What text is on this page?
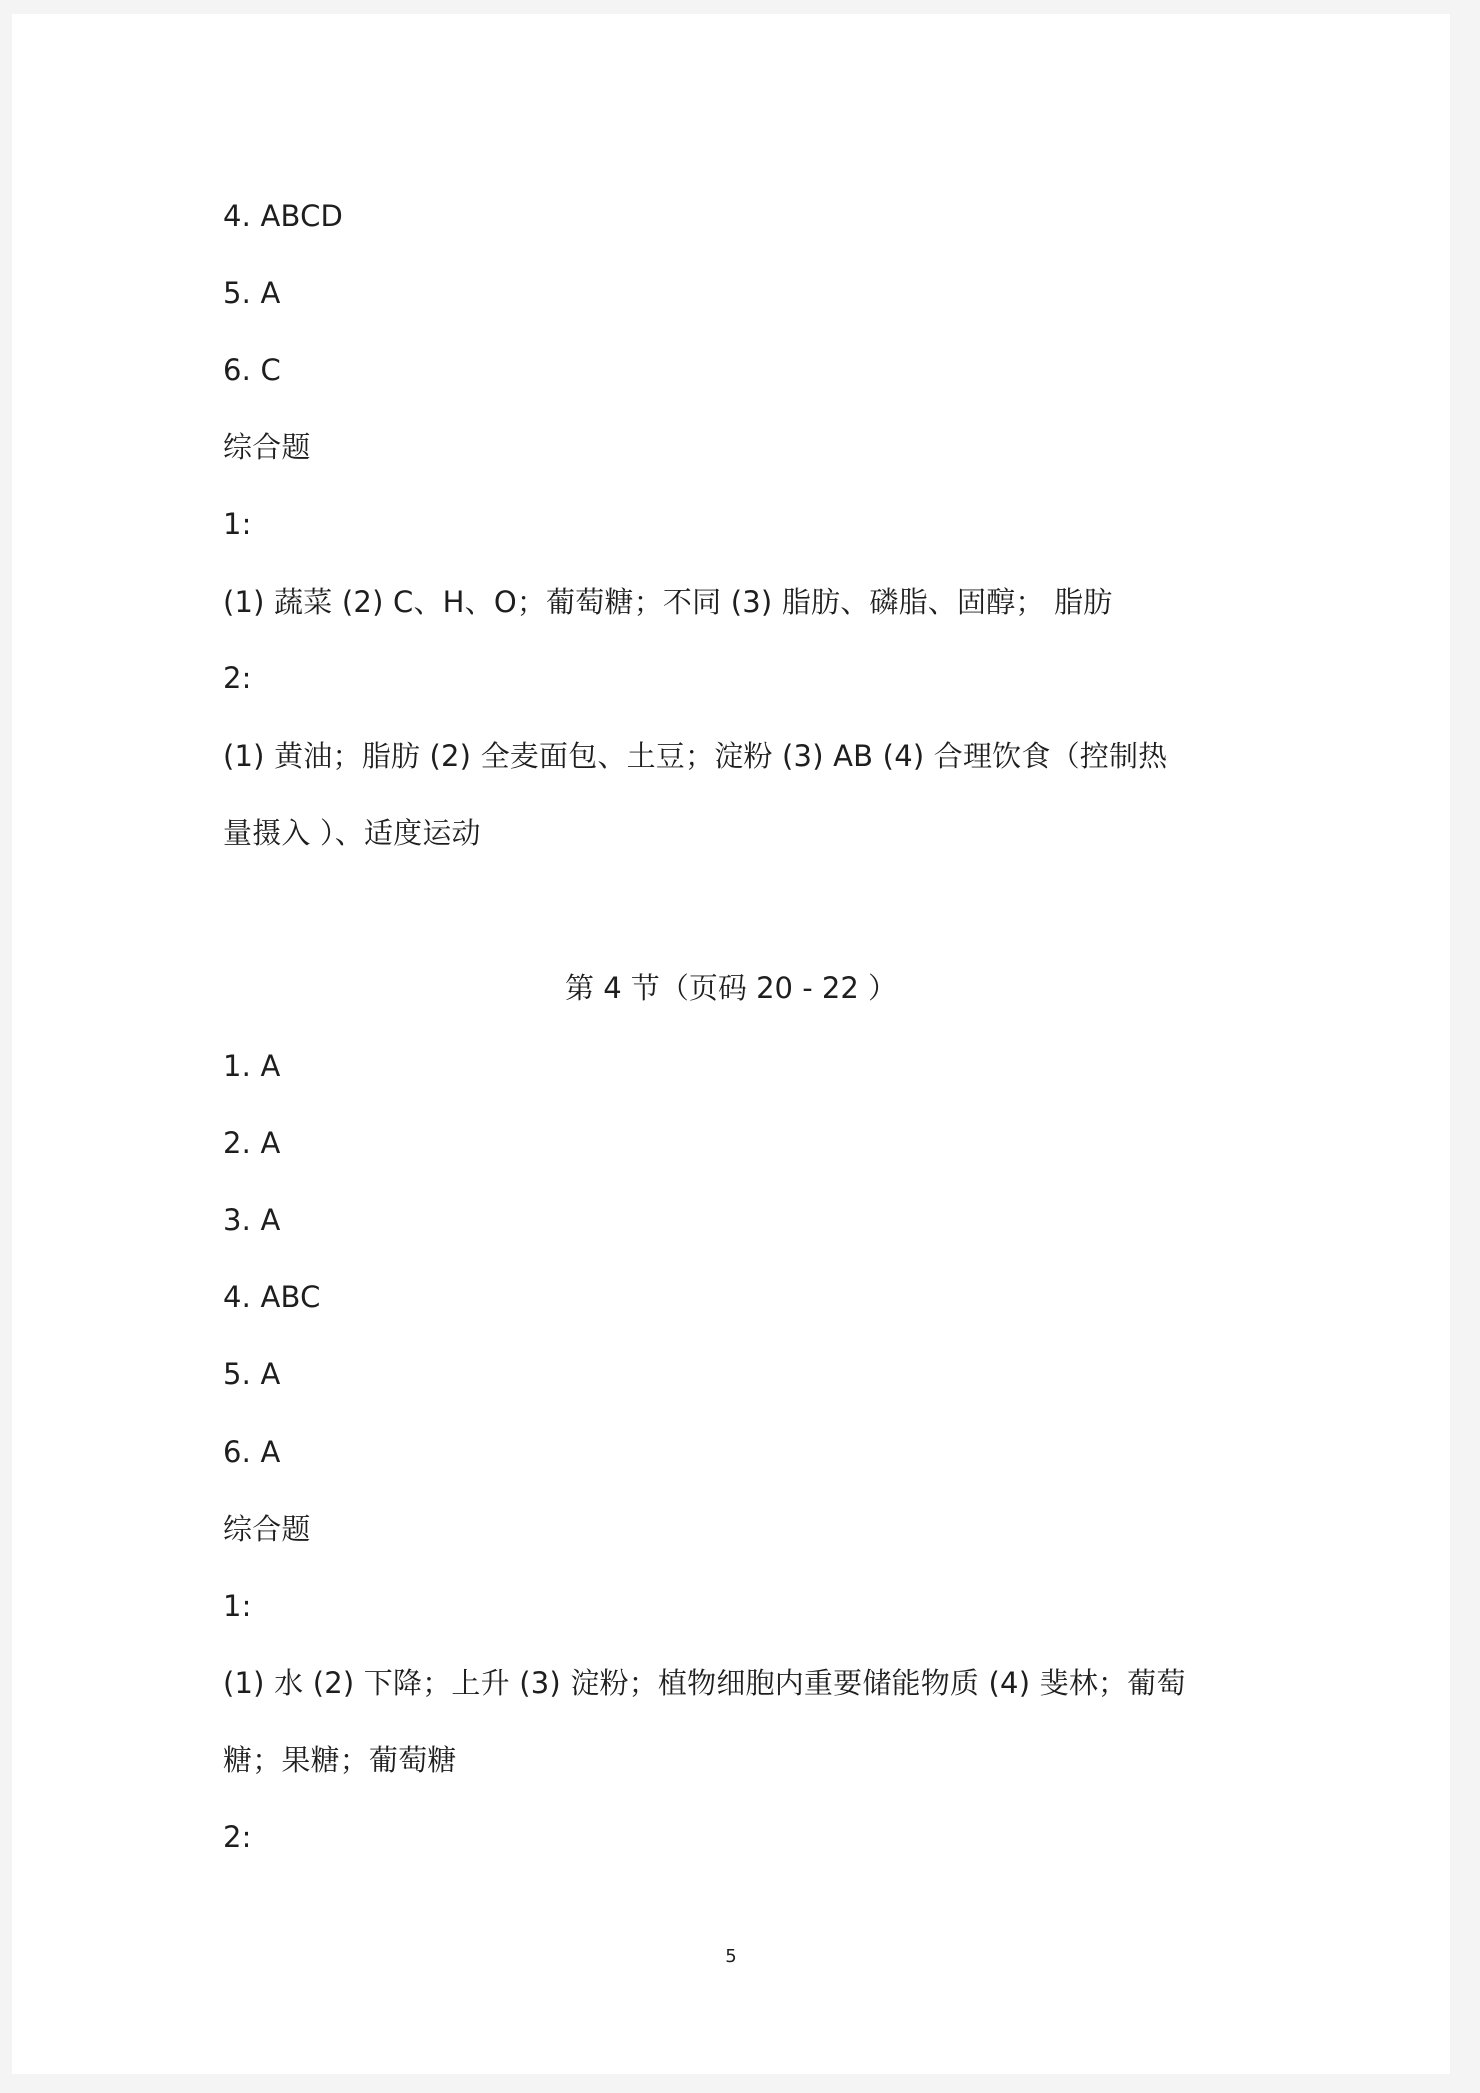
4. ABCD
5. A
6. C
综合题
1:
(1) 蔬菜 (2) C、H、O；葡萄糖；不同 (3) 脂肪、磷脂、固醇； 脂肪
2:
(1) 黄油；脂肪 (2) 全麦面包、土豆；淀粉 (3) AB (4) 合理饮食（控制热
量摄入 ）、适度运动
第 4 节（页码 20 - 22 ）
1. A
2. A
3. A
4. ABC
5. A
6. A
综合题
1:
(1) 水 (2) 下降；上升 (3) 淀粉；植物细胞内重要储能物质 (4) 斐林；葡萄
糖；果糖；葡萄糖
2:
5
